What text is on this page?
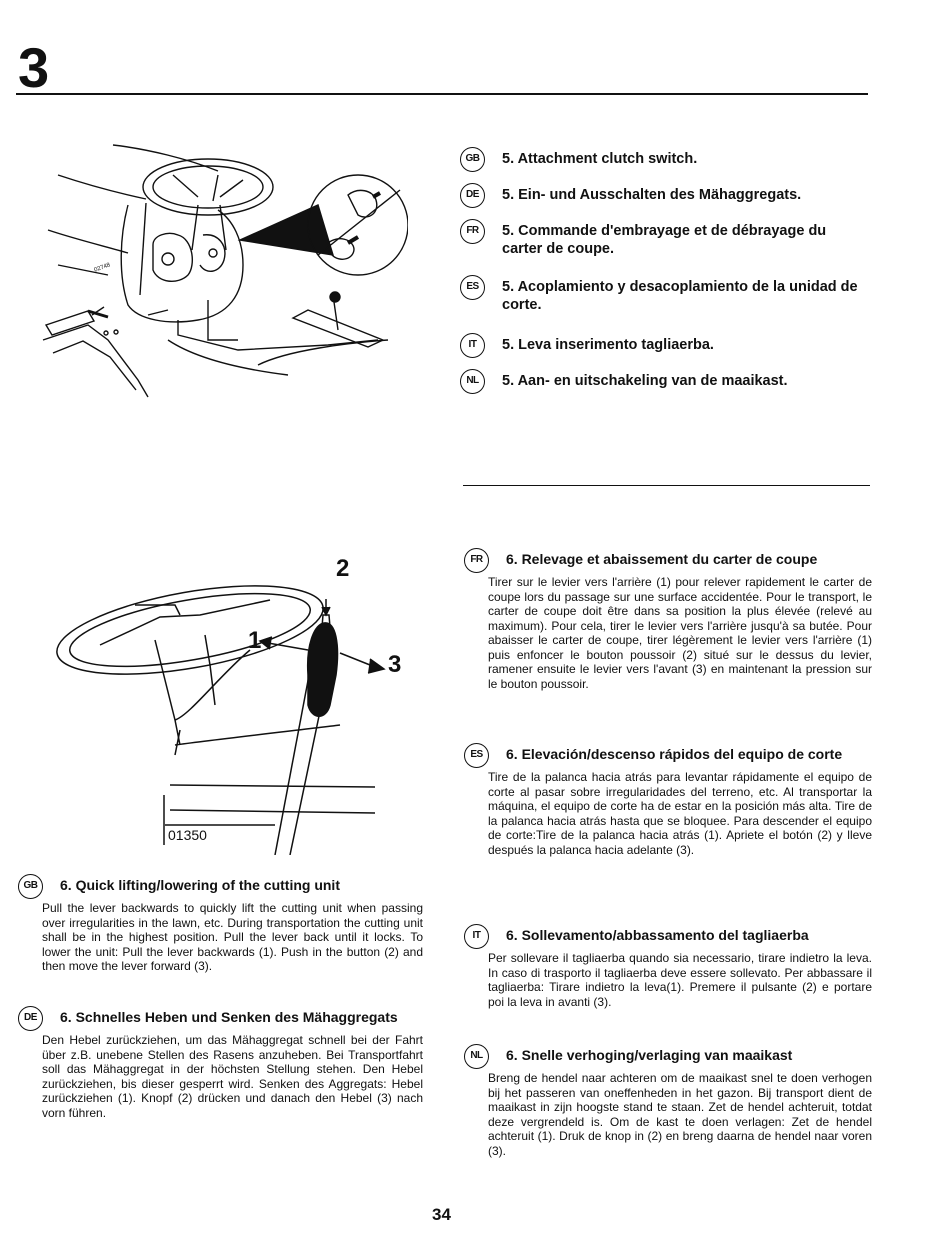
3
02748
GB	5. Attachment clutch switch.
DE	5. Ein- und Ausschalten des Mähaggregats.
FR	5. Commande d'embrayage et de débrayage du carter de coupe.
ES	5. Acoplamiento y desacoplamiento de la unidad de corte.
IT	5. Leva inserimento tagliaerba.
NL	5. Aan- en uitschakeling van de maaikast.
2
1
3
01350
GB	6. Quick lifting/lowering of the cutting unit
Pull the lever backwards to quickly lift the cutting unit when passing over irregularities in the lawn, etc. During transportation the cutting unit shall be in the highest position. Pull the lever back until it locks. To lower the unit: Pull the lever backwards (1). Push in the button (2) and then move the lever forward (3).
DE	6. Schnelles Heben und Senken des Mähaggregats
Den Hebel zurückziehen, um das Mähaggregat schnell bei der Fahrt über z.B. unebene Stellen des Rasens anzuheben. Bei Transportfahrt soll das Mähaggregat in der höchsten Stellung stehen. Den Hebel zurückziehen, bis dieser gesperrt wird. Senken des Aggregats: Hebel zurückziehen (1). Knopf (2) drücken und danach den Hebel (3) nach vorn führen.
FR	6. Relevage et abaissement du carter de coupe
Tirer sur le levier vers l'arrière (1) pour relever rapidement le carter de coupe lors du passage sur une surface accidentée. Pour le transport, le carter de coupe doit être dans sa position la plus élevée (relevé au maximum). Pour cela, tirer le levier vers l'arrière jusqu'à sa butée. Pour abaisser le carter de coupe, tirer légèrement le levier vers l'arrière (1) puis enfoncer le bouton poussoir (2) situé sur le dessus du levier, ramener ensuite le levier vers l'avant (3) en maintenant la pression sur le bouton poussoir.
ES	6. Elevación/descenso rápidos del equipo de corte
Tire de la palanca hacia atrás para levantar rápidamente el equipo de corte al pasar sobre irregularidades del terreno, etc. Al transportar la máquina, el equipo de corte ha de estar en la posición más alta. Tire de la palanca hacia atrás hasta que se bloquee. Para descender el equipo de corte:Tire de la palanca hacia atrás (1). Apriete el botón (2) y lleve después la palanca hacia adelante (3).
IT	6. Sollevamento/abbassamento del tagliaerba
Per sollevare il tagliaerba quando sia necessario, tirare indietro la leva. In caso di trasporto il tagliaerba deve essere sollevato. Per abbassare il tagliaerba: Tirare indietro la leva(1). Premere il pulsante (2) e portare poi la leva in avanti (3).
NL	6. Snelle verhoging/verlaging van maaikast
Breng de hendel naar achteren om de maaikast snel te doen verhogen bij het passeren van oneffenheden in het gazon. Bij transport dient de maaikast in zijn hoogste stand te staan. Zet de hendel achteruit, totdat deze vergrendeld is. Om de kast te doen verlagen: Zet de hendel achteruit (1). Druk de knop in (2) en breng daarna de hendel naar voren (3).
34
